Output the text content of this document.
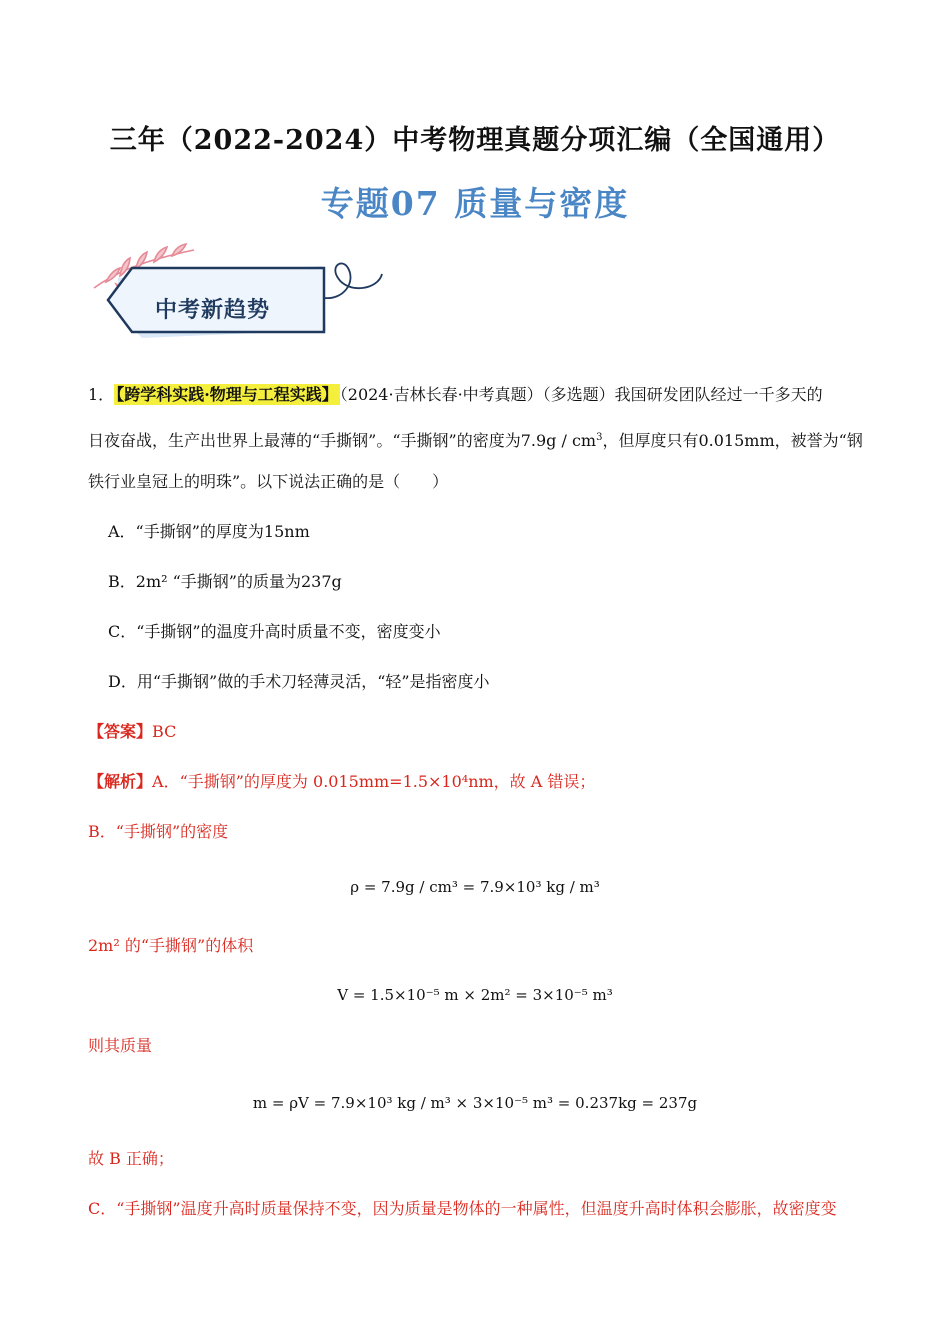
三年（2022-2024）中考物理真题分项汇编（全国通用）
专题07 质量与密度
中考新趋势
1． 【跨学科实践·物理与工程实践】 （2024·吉林长春·中考真题）（多选题）我国研发团队经过一千多天的
日夜奋战，生产出世界上最薄的“手撕钢”。“手撕钢”的密度为$7.9g / cm^3$，但厚度只有0.015mm，被誉为“钢
铁行业皇冠上的明珠”。以下说法正确的是（　　）
A．“手撕钢”的厚度为15nm
B．2m² “手撕钢”的质量为237g
C．“手撕钢”的温度升高时质量不变，密度变小
D．用“手撕钢”做的手术刀轻薄灵活，“轻”是指密度小
【答案】BC
【解析】A．“手撕钢”的厚度为 0.015mm=1.5×10⁴nm，故 A 错误；
B．“手撕钢”的密度
ρ = 7.9g / cm³ = 7.9×10³ kg / m³
2m² 的“手撕钢”的体积
V = 1.5×10⁻⁵ m × 2m² = 3×10⁻⁵ m³
则其质量
m = ρV = 7.9×10³ kg / m³ × 3×10⁻⁵ m³ = 0.237kg = 237g
故 B 正确；
C．“手撕钢”温度升高时质量保持不变，因为质量是物体的一种属性，但温度升高时体积会膨胀，故密度变
